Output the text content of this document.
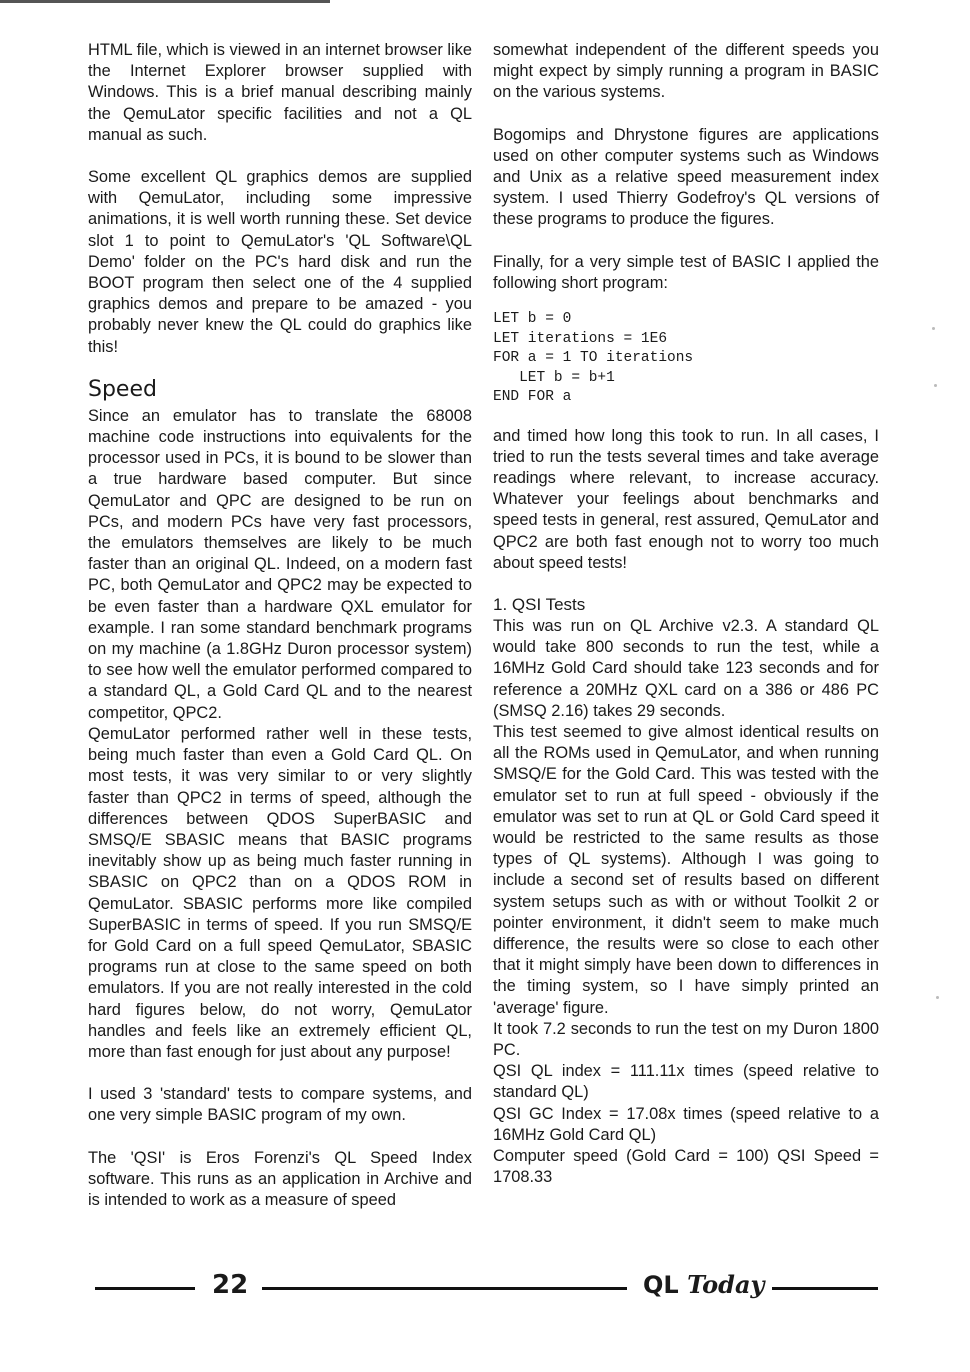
HTML file, which is viewed in an internet browser like the Internet Explorer browser supplied with Windows. This is a brief manual describing mainly the QemuLator specific facilities and not a QL manual as such.

Some excellent QL graphics demos are supplied with QemuLator, including some impressive animations, it is well worth running these. Set device slot 1 to point to QemuLator's 'QL Software\QL Demo' folder on the PC's hard disk and run the BOOT program then select one of the 4 supplied graphics demos and prepare to be amazed - you probably never knew the QL could do graphics like this!

Speed

Since an emulator has to translate the 68008 machine code instructions into equivalents for the processor used in PCs, it is bound to be slower than a true hardware based computer. But since QemuLator and QPC are designed to be run on PCs, and modern PCs have very fast processors, the emulators themselves are likely to be much faster than an original QL. Indeed, on a modern fast PC, both QemuLator and QPC2 may be expected to be even faster than a hardware QXL emulator for example. I ran some standard benchmark programs on my machine (a 1.8GHz Duron processor system) to see how well the emulator performed compared to a standard QL, a Gold Card QL and to the nearest competitor, QPC2.

QemuLator performed rather well in these tests, being much faster than even a Gold Card QL. On most tests, it was very similar to or very slightly faster than QPC2 in terms of speed, although the differences between QDOS SuperBASIC and SMSQ/E SBASIC means that BASIC programs inevitably show up as being much faster running in SBASIC on QPC2 than on a QDOS ROM in QemuLator. SBASIC performs more like compiled SuperBASIC in terms of speed. If you run SMSQ/E for Gold Card on a full speed QemuLator, SBASIC programs run at close to the same speed on both emulators. If you are not really interested in the cold hard figures below, do not worry, QemuLator handles and feels like an extremely efficient QL, more than fast enough for just about any purpose!

I used 3 'standard' tests to compare systems, and one very simple BASIC program of my own.

The 'QSI' is Eros Forenzi's QL Speed Index software. This runs as an application in Archive and is intended to work as a measure of speed

somewhat independent of the different speeds you might expect by simply running a program in BASIC on the various systems.

Bogomips and Dhrystone figures are applications used on other computer systems such as Windows and Unix as a relative speed measurement index system. I used Thierry Godefroy's QL versions of these programs to produce the figures.

Finally, for a very simple test of BASIC I applied the following short program:

LET b = 0
LET iterations = 1E6
FOR a = 1 TO iterations
LET b = b+1
END FOR a

and timed how long this took to run. In all cases, I tried to run the tests several times and take average readings where relevant, to increase accuracy. Whatever your feelings about benchmarks and speed tests in general, rest assured, QemuLator and QPC2 are both fast enough not to worry too much about speed tests!

1. QSI Tests

This was run on QL Archive v2.3. A standard QL would take 800 seconds to run the test, while a 16MHz Gold Card should take 123 seconds and for reference a 20MHz QXL card on a 386 or 486 PC (SMSQ 2.16) takes 29 seconds.

This test seemed to give almost identical results on all the ROMs used in QemuLator, and when running SMSQ/E for the Gold Card. This was tested with the emulator set to run at full speed - obviously if the emulator was set to run at QL or Gold Card speed it would be restricted to the same results as those types of QL systems). Although I was going to include a second set of results based on different system setups such as with or without Toolkit 2 or pointer environment, it didn't seem to make much difference, the results were so close to each other that it might simply have been down to differences in the timing system, so I have simply printed an 'average' figure.

It took 7.2 seconds to run the test on my Duron 1800 PC.

QSI QL index = 111.11x times (speed relative to standard QL)

QSI GC Index = 17.08x times (speed relative to a 16MHz Gold Card QL)

Computer speed (Gold Card = 100) QSI Speed = 1708.33

22	QL Today
